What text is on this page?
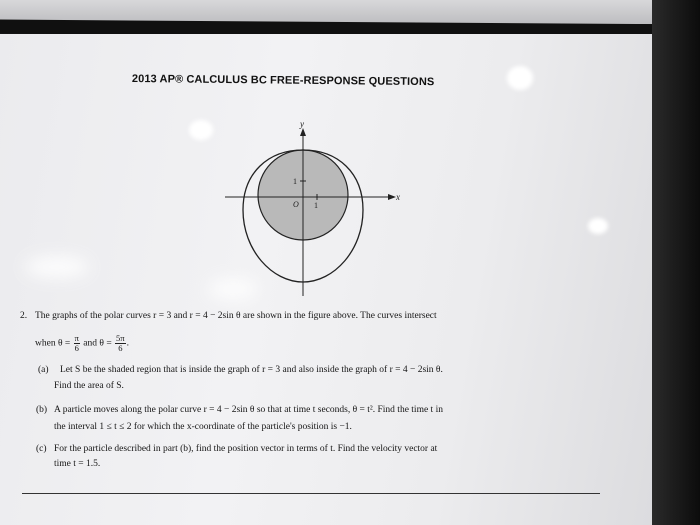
2013 AP® CALCULUS BC FREE-RESPONSE QUESTIONS
y
x
1
O 1
2. The graphs of the polar curves r = 3 and r = 4 − 2sin θ are shown in the figure above. The curves intersect
when $\theta = \frac{\pi}{6}$ and $\theta = \frac{5\pi}{6}$ .
(a) Let S be the shaded region that is inside the graph of r = 3 and also inside the graph of r = 4 − 2sin θ.
Find the area of S.
(b) A particle moves along the polar curve r = 4 − 2sin θ so that at time t seconds, θ = t². Find the time t in
the interval 1 ≤ t ≤ 2 for which the x-coordinate of the particle's position is −1.
(c) For the particle described in part (b), find the position vector in terms of t. Find the velocity vector at
time t = 1.5.
